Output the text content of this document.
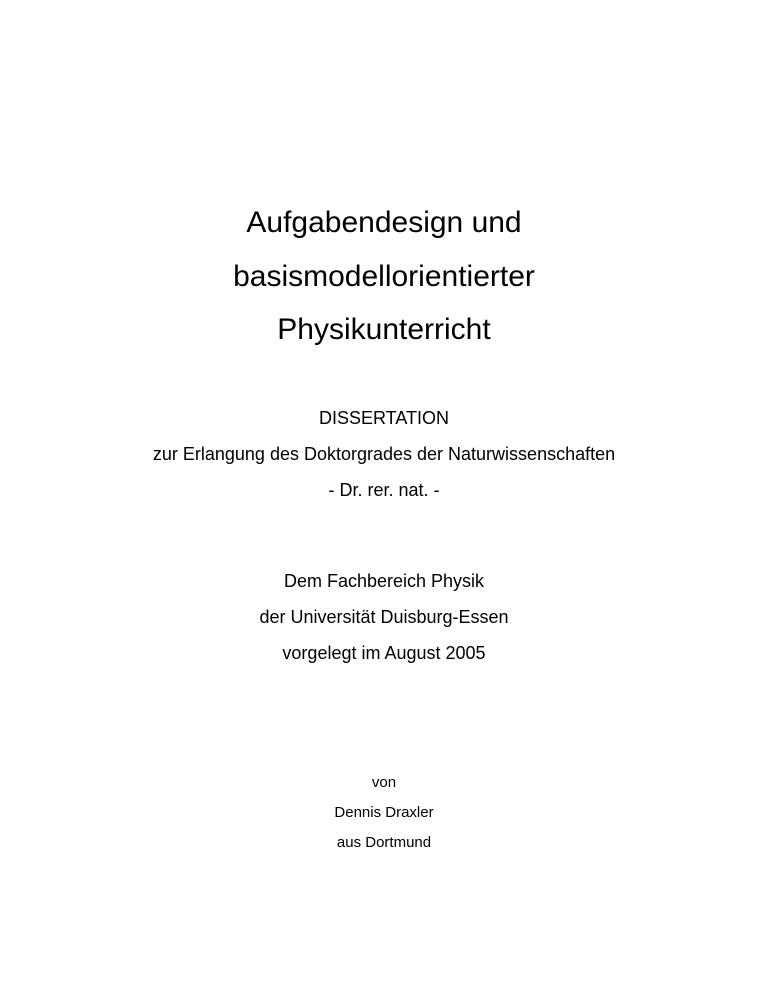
Aufgabendesign und
basismodellorientierter
Physikunterricht
DISSERTATION
zur Erlangung des Doktorgrades der Naturwissenschaften
- Dr. rer. nat. -
Dem Fachbereich Physik
der Universität Duisburg-Essen
vorgelegt im August 2005
von
Dennis Draxler
aus Dortmund
